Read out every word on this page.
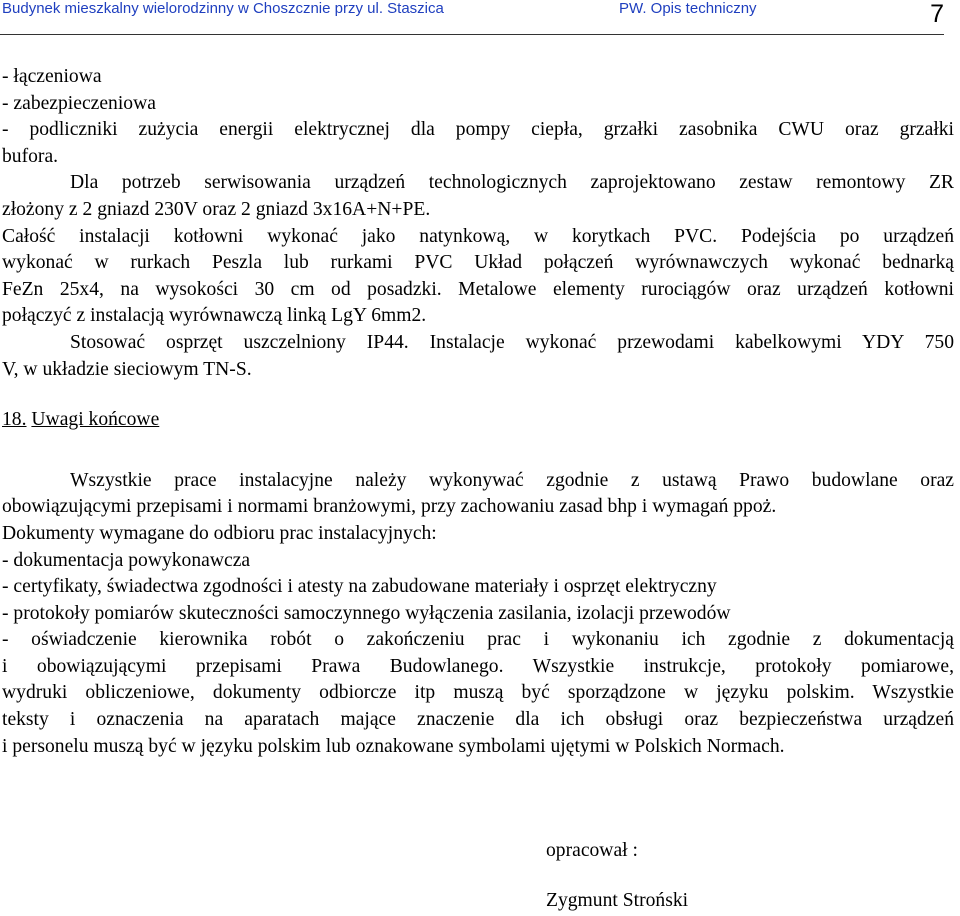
Budynek mieszkalny wielorodzinny w Choszcznie przy ul. Staszica	PW. Opis techniczny	7
- łączeniowa
- zabezpieczeniowa
- podliczniki zużycia energii elektrycznej dla pompy ciepła, grzałki zasobnika CWU oraz grzałki
bufora.
Dla potrzeb serwisowania urządzeń technologicznych zaprojektowano zestaw remontowy ZR
złożony z 2 gniazd 230V oraz 2 gniazd 3x16A+N+PE.
Całość instalacji kotłowni wykonać jako natynkową, w korytkach PVC. Podejścia po urządzeń
wykonać w rurkach Peszla lub rurkami PVC Układ połączeń wyrównawczych wykonać bednarką
FeZn 25x4, na wysokości 30 cm od posadzki. Metalowe elementy rurociągów oraz urządzeń kotłowni
połączyć z instalacją wyrównawczą linką LgY 6mm2.
Stosować osprzęt uszczelniony IP44. Instalacje wykonać przewodami kabelkowymi YDY 750
V, w układzie sieciowym TN-S.
18. Uwagi końcowe
Wszystkie prace instalacyjne należy wykonywać zgodnie z ustawą Prawo budowlane oraz
obowiązującymi przepisami i normami branżowymi, przy zachowaniu zasad bhp i wymagań ppoż.
Dokumenty wymagane do odbioru prac instalacyjnych:
- dokumentacja powykonawcza
- certyfikaty, świadectwa zgodności i atesty na zabudowane materiały i osprzęt elektryczny
- protokoły pomiarów skuteczności samoczynnego wyłączenia zasilania, izolacji przewodów
- oświadczenie kierownika robót o zakończeniu prac i wykonaniu ich zgodnie z dokumentacją
i obowiązującymi przepisami Prawa Budowlanego. Wszystkie instrukcje, protokoły pomiarowe,
wydruki obliczeniowe, dokumenty odbiorcze itp muszą być sporządzone w języku polskim. Wszystkie
teksty i oznaczenia na aparatach mające znaczenie dla ich obsługi oraz bezpieczeństwa urządzeń
i personelu muszą być w języku polskim lub oznakowane symbolami ujętymi w Polskich Normach.
opracował :
Zygmunt Stroński
